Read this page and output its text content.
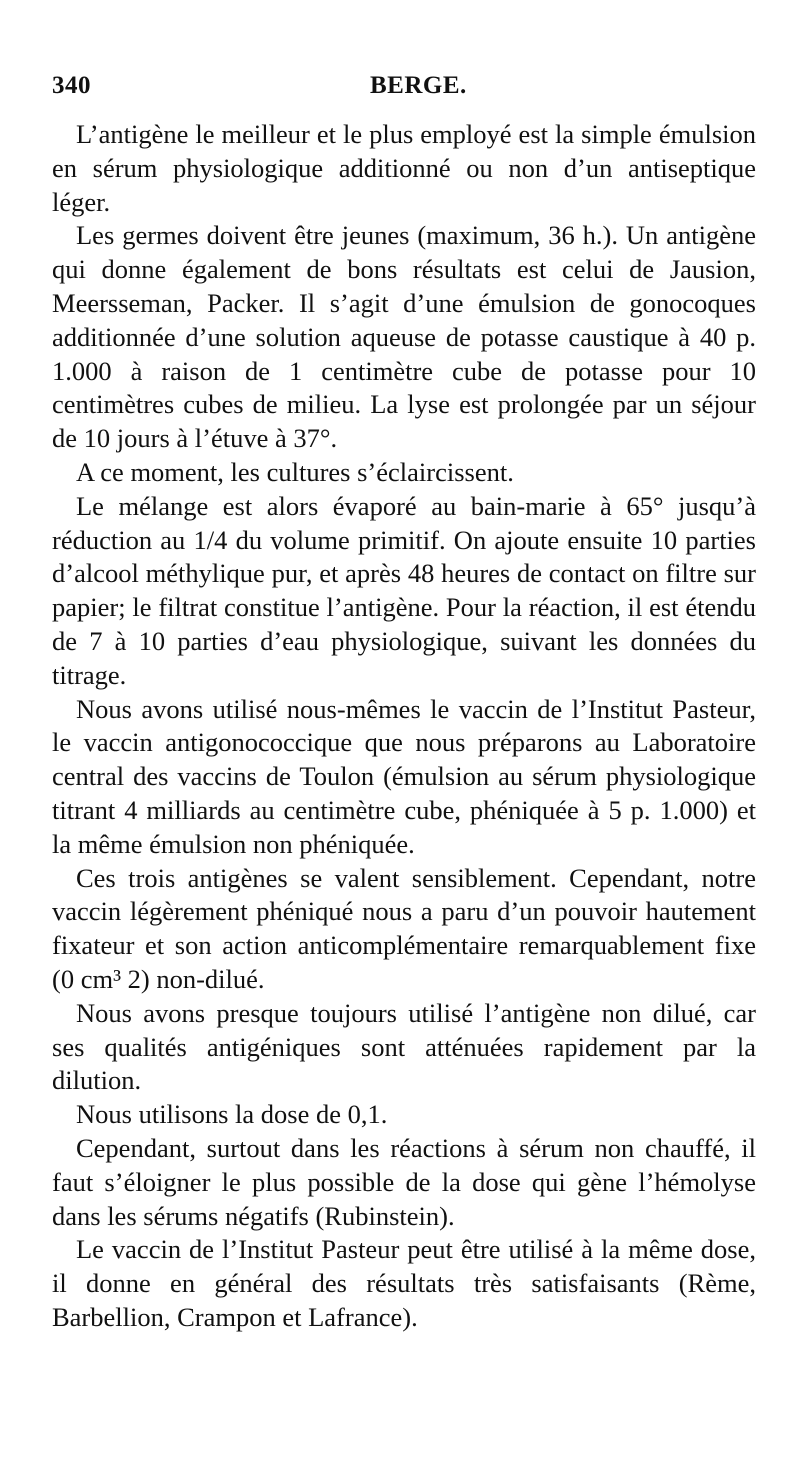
340	BERGE.

L’antigène le meilleur et le plus employé est la simple émulsion en sérum physiologique additionné ou non d’un antiseptique léger.

Les germes doivent être jeunes (maximum, 36 h.). Un antigène qui donne également de bons résultats est celui de Jausion, Meersseman, Packer. Il s’agit d’une émulsion de gonocoques additionnée d’une solution aqueuse de potasse caustique à 40 p. 1.000 à raison de 1 centimètre cube de potasse pour 10 centimètres cubes de milieu. La lyse est prolongée par un séjour de 10 jours à l’étuve à 37°.

A ce moment, les cultures s’éclaircissent.

Le mélange est alors évaporé au bain-marie à 65° jusqu’à réduction au 1/4 du volume primitif. On ajoute ensuite 10 parties d’alcool méthylique pur, et après 48 heures de contact on filtre sur papier; le filtrat constitue l’antigène. Pour la réaction, il est étendu de 7 à 10 parties d’eau physiologique, suivant les données du titrage.

Nous avons utilisé nous-mêmes le vaccin de l’Institut Pasteur, le vaccin antigonococcique que nous préparons au Laboratoire central des vaccins de Toulon (émulsion au sérum physiologique titrant 4 milliards au centimètre cube, phéniquée à 5 p. 1.000) et la même émulsion non phéniquée.

Ces trois antigènes se valent sensiblement. Cependant, notre vaccin légèrement phéniqué nous a paru d’un pouvoir hautement fixateur et son action anticomplémentaire remarquablement fixe (0 cm³ 2) non-dilué.

Nous avons presque toujours utilisé l’antigène non dilué, car ses qualités antigéniques sont atténuées rapidement par la dilution.

Nous utilisons la dose de 0,1.

Cependant, surtout dans les réactions à sérum non chauffé, il faut s’éloigner le plus possible de la dose qui gène l’hémolyse dans les sérums négatifs (Rubinstein).

Le vaccin de l’Institut Pasteur peut être utilisé à la même dose, il donne en général des résultats très satisfaisants (Rème, Barbellion, Crampon et Lafrance).
